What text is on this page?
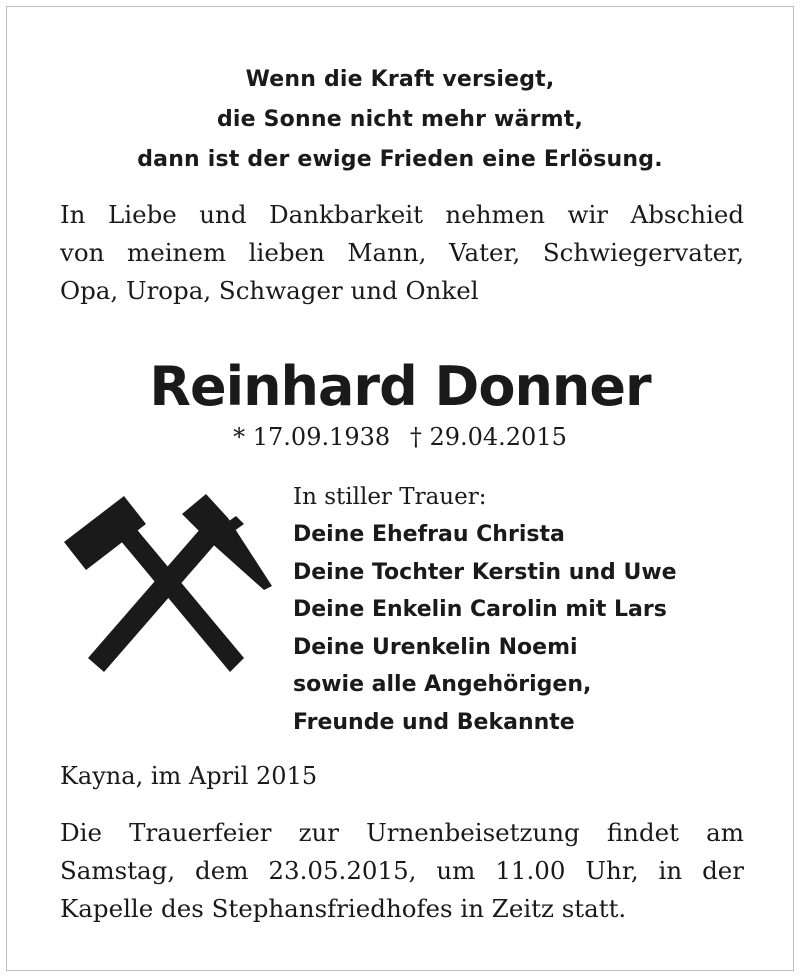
Wenn die Kraft versiegt,
die Sonne nicht mehr wärmt,
dann ist der ewige Frieden eine Erlösung.
In Liebe und Dankbarkeit nehmen wir Abschied
von meinem lieben Mann, Vater, Schwiegervater,
Opa, Uropa, Schwager und Onkel
Reinhard Donner
* 17.09.1938 † 29.04.2015
In stiller Trauer:
Deine Ehefrau Christa
Deine Tochter Kerstin und Uwe
Deine Enkelin Carolin mit Lars
Deine Urenkelin Noemi
sowie alle Angehörigen,
Freunde und Bekannte
Kayna, im April 2015
Die Trauerfeier zur Urnenbeisetzung findet am
Samstag, dem 23.05.2015, um 11.00 Uhr, in der
Kapelle des Stephansfriedhofes in Zeitz statt.
